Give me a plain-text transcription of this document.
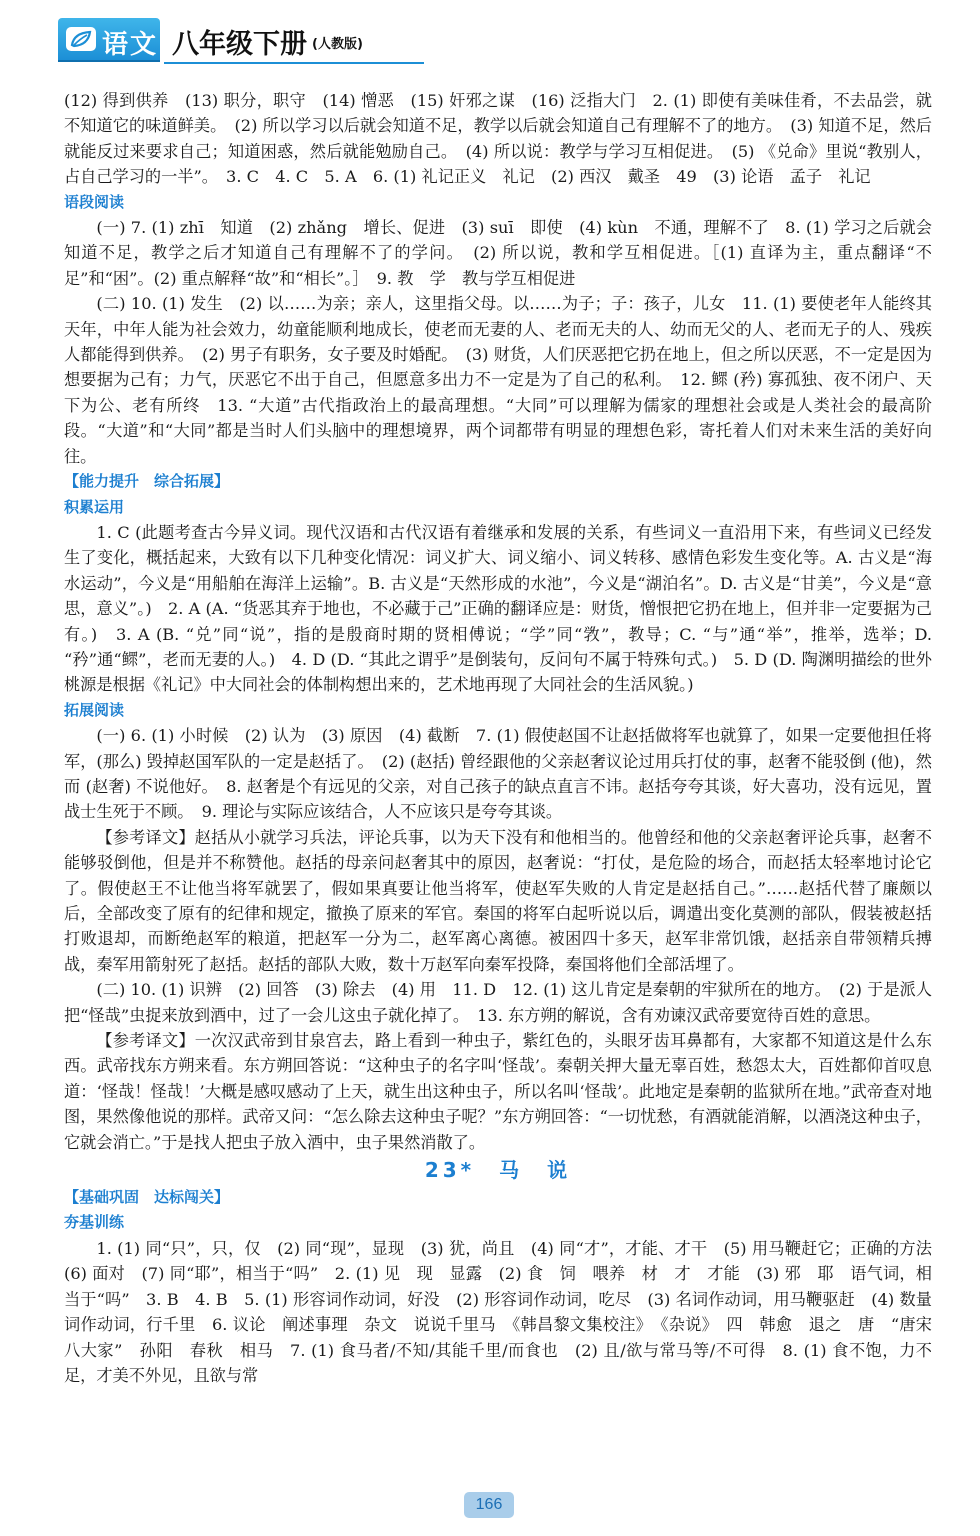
语文 八年级下册 (人教版)

(12) 得到供养　(13) 职分，职守　(14) 憎恶　(15) 奸邪之谋　(16) 泛指大门　2. (1) 即使有美味佳肴，不去品尝，就不知道它的味道鲜美。　(2) 所以学习以后就会知道不足，教学以后就会知道自己有理解不了的地方。　(3) 知道不足，然后就能反过来要求自己；知道困惑，然后就能勉励自己。　(4) 所以说：教学与学习互相促进。　(5) 《兑命》里说“教别人，占自己学习的一半”。　3. C　4. C　5. A　6. (1) 礼记正义　礼记　(2) 西汉　戴圣　49　(3) 论语　孟子　礼记

语段阅读

(一) 7. (1) zhī　知道　(2) zhǎng　增长、促进　(3) suī　即使　(4) kùn　不通，理解不了　8. (1) 学习之后就会知道不足，教学之后才知道自己有理解不了的学问。　(2) 所以说，教和学互相促进。［(1) 直译为主，重点翻译“不足”和“困”。(2) 重点解释“故”和“相长”。］　9. 教　学　教与学互相促进

(二) 10. (1) 发生　(2) 以……为亲；亲人，这里指父母。以……为子；子：孩子，儿女　11. (1) 要使老年人能终其天年，中年人能为社会效力，幼童能顺利地成长，使老而无妻的人、老而无夫的人、幼而无父的人、老而无子的人、残疾人都能得到供养。　(2) 男子有职务，女子要及时婚配。　(3) 财货，人们厌恶把它扔在地上，但之所以厌恶，不一定是因为想要据为己有；力气，厌恶它不出于自己，但愿意多出力不一定是为了自己的私利。　12. 鳏 (矜) 寡孤独、夜不闭户、天下为公、老有所终　13. “大道”古代指政治上的最高理想。“大同”可以理解为儒家的理想社会或是人类社会的最高阶段。“大道”和“大同”都是当时人们头脑中的理想境界，两个词都带有明显的理想色彩，寄托着人们对未来生活的美好向往。

【能力提升　综合拓展】

积累运用

1. C (此题考查古今异义词。现代汉语和古代汉语有着继承和发展的关系，有些词义一直沿用下来，有些词义已经发生了变化，概括起来，大致有以下几种变化情况：词义扩大、词义缩小、词义转移、感情色彩发生变化等。A. 古义是“海水运动”，今义是“用船舶在海洋上运输”。B. 古义是“天然形成的水池”，今义是“湖泊名”。D. 古义是“甘美”，今义是“意思，意义”。)　2. A (A. “货恶其弃于地也，不必藏于己”正确的翻译应是：财货，憎恨把它扔在地上，但并非一定要据为己有。)　3. A (B. “兑”同“说”，指的是殷商时期的贤相傅说；“学”同“敩”，教导；C. “与”通“举”，推举，选举；D. “矜”通“鳏”，老而无妻的人。)　4. D (D. “其此之谓乎”是倒装句，反问句不属于特殊句式。)　5. D (D. 陶渊明描绘的世外桃源是根据《礼记》中大同社会的体制构想出来的，艺术地再现了大同社会的生活风貌。)

拓展阅读

(一) 6. (1) 小时候　(2) 认为　(3) 原因　(4) 截断　7. (1) 假使赵国不让赵括做将军也就算了，如果一定要他担任将军，(那么) 毁掉赵国军队的一定是赵括了。　(2) (赵括) 曾经跟他的父亲赵奢议论过用兵打仗的事，赵奢不能驳倒 (他)，然而 (赵奢) 不说他好。　8. 赵奢是个有远见的父亲，对自己孩子的缺点直言不讳。赵括夸夸其谈，好大喜功，没有远见，置战士生死于不顾。　9. 理论与实际应该结合，人不应该只是夸夸其谈。

【参考译文】赵括从小就学习兵法，评论兵事，以为天下没有和他相当的。他曾经和他的父亲赵奢评论兵事，赵奢不能够驳倒他，但是并不称赞他。赵括的母亲问赵奢其中的原因，赵奢说：“打仗，是危险的场合，而赵括太轻率地讨论它了。假使赵王不让他当将军就罢了，假如果真要让他当将军，使赵军失败的人肯定是赵括自己。”……赵括代替了廉颇以后，全部改变了原有的纪律和规定，撤换了原来的军官。秦国的将军白起听说以后，调遣出变化莫测的部队，假装被赵括打败退却，而断绝赵军的粮道，把赵军一分为二，赵军离心离德。被困四十多天，赵军非常饥饿，赵括亲自带领精兵搏战，秦军用箭射死了赵括。赵括的部队大败，数十万赵军向秦军投降，秦国将他们全部活埋了。

(二) 10. (1) 识辨　(2) 回答　(3) 除去　(4) 用　11. D　12. (1) 这儿肯定是秦朝的牢狱所在的地方。　(2) 于是派人把“怪哉”虫捉来放到酒中，过了一会儿这虫子就化掉了。　13. 东方朔的解说，含有劝谏汉武帝要宽待百姓的意思。

【参考译文】一次汉武帝到甘泉宫去，路上看到一种虫子，紫红色的，头眼牙齿耳鼻都有，大家都不知道这是什么东西。武帝找东方朔来看。东方朔回答说：“这种虫子的名字叫‘怪哉’。秦朝关押大量无辜百姓，愁怨太大，百姓都仰首叹息道：‘怪哉！怪哉！’大概是感叹感动了上天，就生出这种虫子，所以名叫‘怪哉’。此地定是秦朝的监狱所在地。”武帝查对地图，果然像他说的那样。武帝又问：“怎么除去这种虫子呢？”东方朔回答：“一切忧愁，有酒就能消解，以酒浇这种虫子，它就会消亡。”于是找人把虫子放入酒中，虫子果然消散了。

23*　马　说

【基础巩固　达标闯关】

夯基训练

1. (1) 同“只”，只，仅　(2) 同“现”，显现　(3) 犹，尚且　(4) 同“才”，才能、才干　(5) 用马鞭赶它；正确的方法　(6) 面对　(7) 同“耶”，相当于“吗”　2. (1) 见　现　显露　(2) 食　饲　喂养　材　才　才能　(3) 邪　耶　语气词，相当于“吗”　3. B　4. B　5. (1) 形容词作动词，好没　(2) 形容词作动词，吃尽　(3) 名词作动词，用马鞭驱赶　(4) 数量词作动词，行千里　6. 议论　阐述事理　杂文　说说千里马　《韩昌黎文集校注》　《杂说》　四　韩愈　退之　唐　“唐宋八大家”　孙阳　春秋　相马　7. (1) 食马者/不知/其能千里/而食也　(2) 且/欲与常马等/不可得　8. (1) 食不饱，力不足，才美不外见，且欲与常

166
